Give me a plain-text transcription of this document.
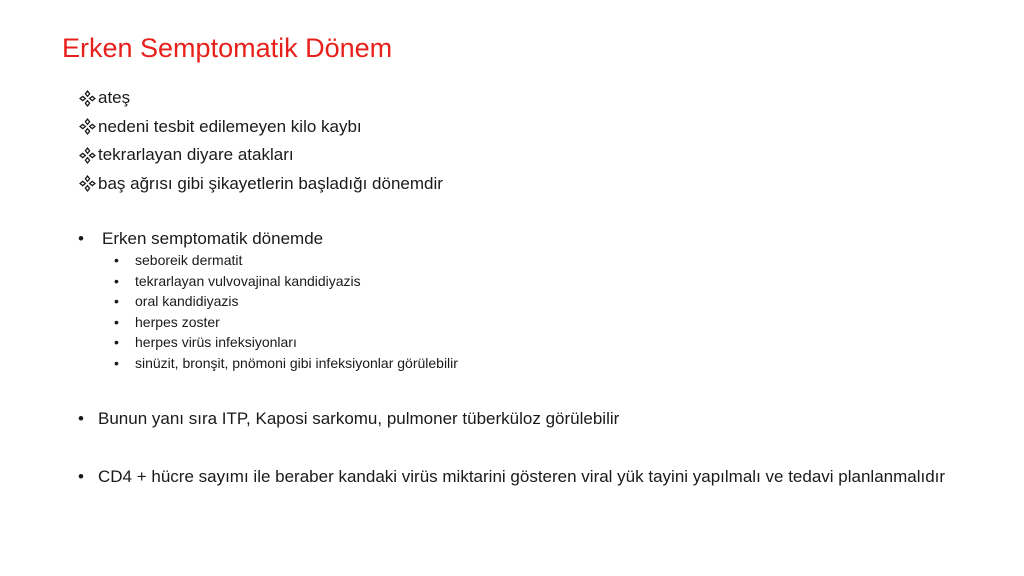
Erken Semptomatik Dönem
ateş
nedeni tesbit edilemeyen kilo kaybı
tekrarlayan diyare atakları
baş ağrısı gibi şikayetlerin başladığı dönemdir
•	Erken semptomatik dönemde
•	seboreik dermatit
•	tekrarlayan vulvovajinal kandidiyazis
•	oral kandidiyazis
•	herpes zoster
•	herpes virüs infeksiyonları
•	sinüzit, bronşit, pnömoni gibi infeksiyonlar görülebilir
• Bunun yanı sıra ITP, Kaposi sarkomu, pulmoner tüberküloz görülebilir
• CD4 + hücre sayımı ile beraber kandaki virüs miktarini gösteren viral yük tayini yapılmalı ve tedavi planlanmalıdır
